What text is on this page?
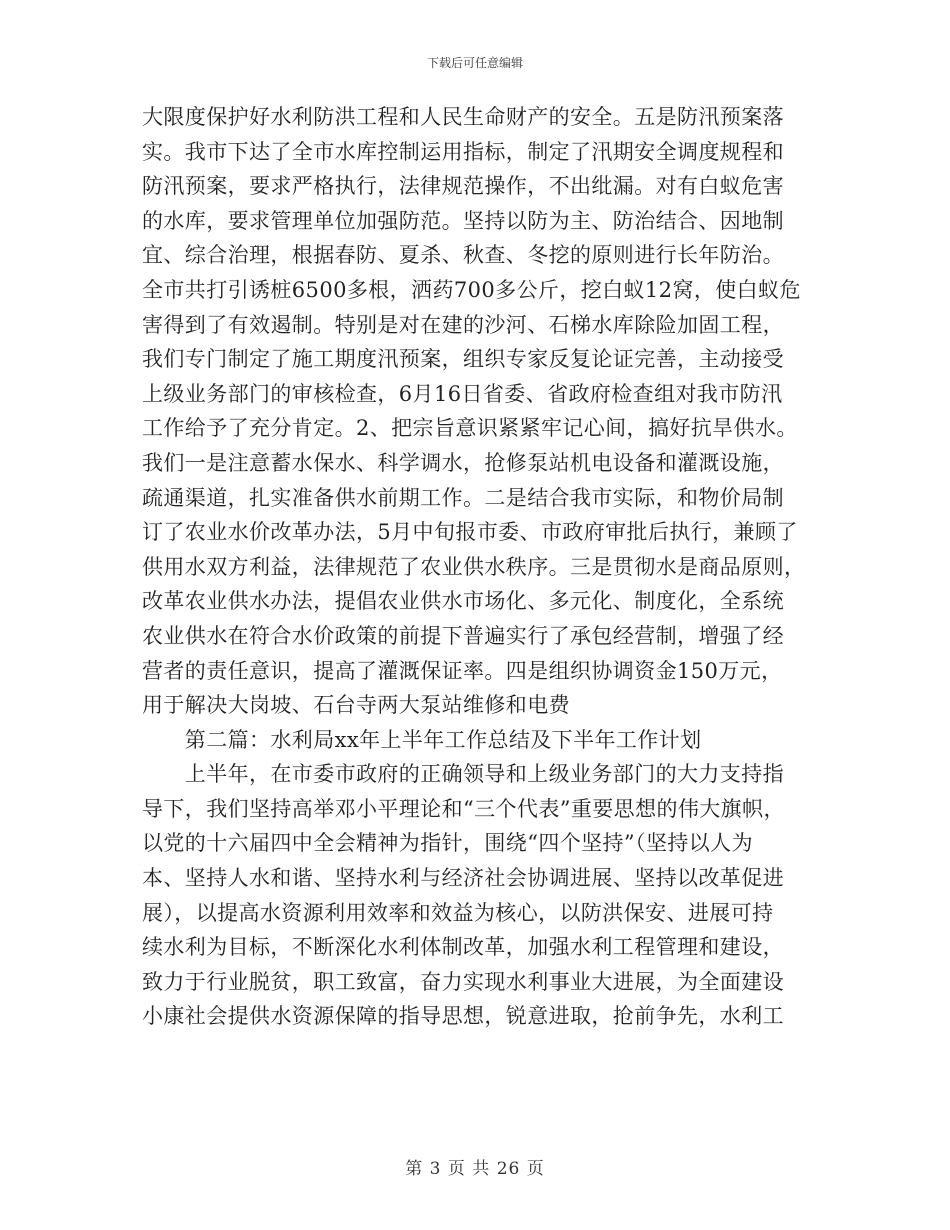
下载后可任意编辑
大限度保护好水利防洪工程和人民生命财产的安全。五是防汛预案落
实。我市下达了全市水库控制运用指标，制定了汛期安全调度规程和
防汛预案，要求严格执行，法律规范操作，不出纰漏。对有白蚁危害
的水库，要求管理单位加强防范。坚持以防为主、防治结合、因地制
宜、综合治理，根据春防、夏杀、秋查、冬挖的原则进行长年防治。
全市共打引诱桩6500多根，洒药700多公斤，挖白蚁12窝，使白蚁危
害得到了有效遏制。特别是对在建的沙河、石梯水库除险加固工程，
我们专门制定了施工期度汛预案，组织专家反复论证完善，主动接受
上级业务部门的审核检查，6月16日省委、省政府检查组对我市防汛
工作给予了充分肯定。2、把宗旨意识紧紧牢记心间，搞好抗旱供水。
我们一是注意蓄水保水、科学调水，抢修泵站机电设备和灌溉设施，
疏通渠道，扎实准备供水前期工作。二是结合我市实际，和物价局制
订了农业水价改革办法，5月中旬报市委、市政府审批后执行，兼顾了
供用水双方利益，法律规范了农业供水秩序。三是贯彻水是商品原则，
改革农业供水办法，提倡农业供水市场化、多元化、制度化，全系统
农业供水在符合水价政策的前提下普遍实行了承包经营制，增强了经
营者的责任意识，提高了灌溉保证率。四是组织协调资金150万元，
用于解决大岗坡、石台寺两大泵站维修和电费
　　第二篇：水利局xx年上半年工作总结及下半年工作计划
　　上半年，在市委市政府的正确领导和上级业务部门的大力支持指
导下，我们坚持高举邓小平理论和“三个代表”重要思想的伟大旗帜，
以党的十六届四中全会精神为指针，围绕“四个坚持”（坚持以人为
本、坚持人水和谐、坚持水利与经济社会协调进展、坚持以改革促进
展），以提高水资源利用效率和效益为核心，以防洪保安、进展可持
续水利为目标，不断深化水利体制改革，加强水利工程管理和建设，
致力于行业脱贫，职工致富，奋力实现水利事业大进展，为全面建设
小康社会提供水资源保障的指导思想，锐意进取，抢前争先，水利工
第 3 页 共 26 页
